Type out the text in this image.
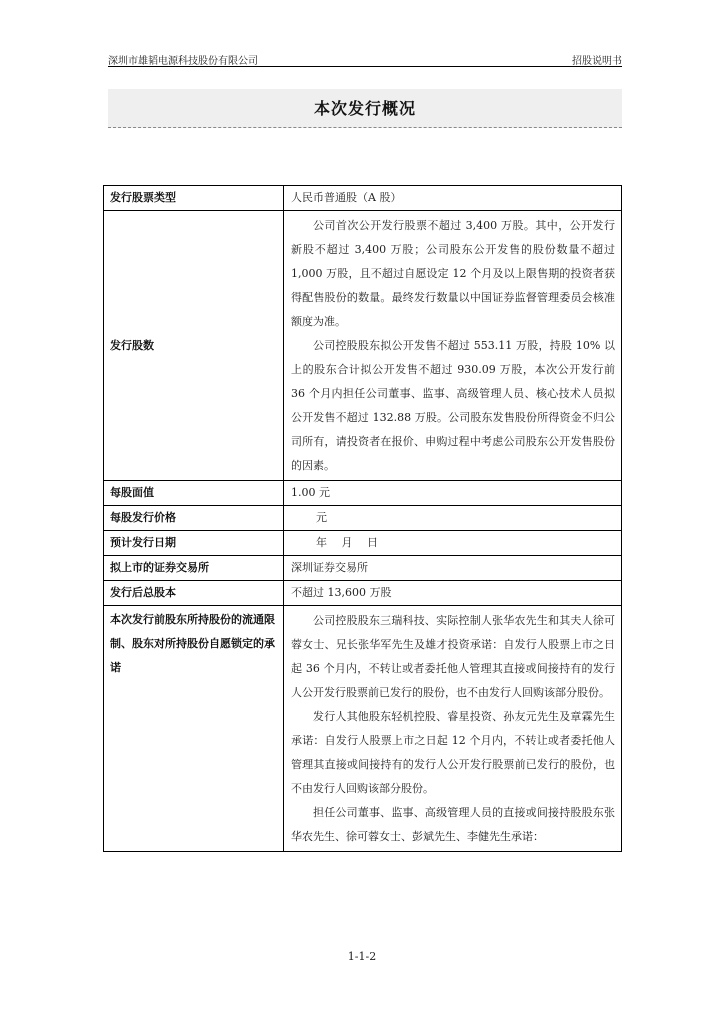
深圳市雄韬电源科技股份有限公司	招股说明书
本次发行概况
发行股票类型	人民币普通股（A 股）
发行股数	公司首次公开发行股票不超过 3,400 万股。其中，公开发行新股不超过 3,400 万股；公司股东公开发售的股份数量不超过 1,000 万股，且不超过自愿设定 12 个月及以上限售期的投资者获得配售股份的数量。最终发行数量以中国证券监督管理委员会核准额度为准。

公司控股股东拟公开发售不超过 553.11 万股，持股 10% 以上的股东合计拟公开发售不超过 930.09 万股，本次公开发行前 36 个月内担任公司董事、监事、高级管理人员、核心技术人员拟公开发售不超过 132.88 万股。公司股东发售股份所得资金不归公司所有，请投资者在报价、申购过程中考虑公司股东公开发售股份的因素。

每股面值	1.00 元
每股发行价格	元
预计发行日期	年　 月　 日
拟上市的证券交易所	深圳证券交易所
发行后总股本	不超过 13,600 万股
本次发行前股东所持股份的流通限制、股东对所持股份自愿锁定的承诺	公司控股股东三瑞科技、实际控制人张华农先生和其夫人徐可蓉女士、兄长张华军先生及雄才投资承诺：自发行人股票上市之日起 36 个月内，不转让或者委托他人管理其直接或间接持有的发行人公开发行股票前已发行的股份，也不由发行人回购该部分股份。

发行人其他股东轻机控股、睿星投资、孙友元先生及章霖先生承诺：自发行人股票上市之日起 12 个月内，不转让或者委托他人管理其直接或间接持有的发行人公开发行股票前已发行的股份，也不由发行人回购该部分股份。

担任公司董事、监事、高级管理人员的直接或间接持股股东张华农先生、徐可蓉女士、彭斌先生、李健先生承诺：

1-1-2
